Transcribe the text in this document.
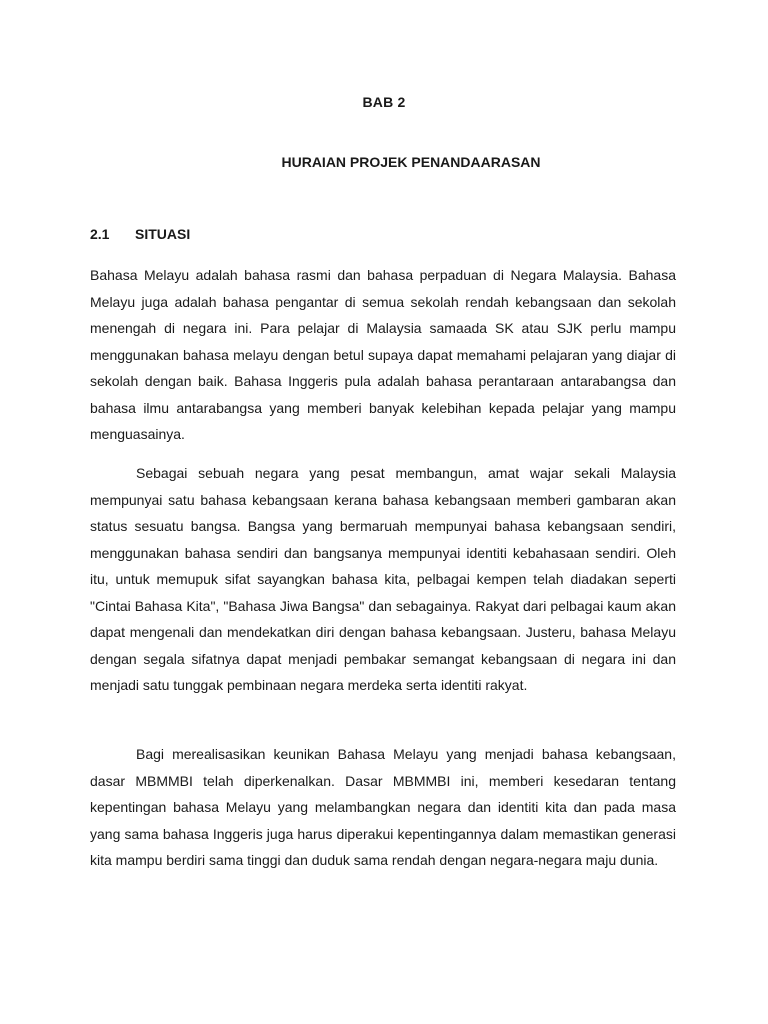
BAB 2
HURAIAN PROJEK PENANDAARASAN
2.1 SITUASI

Bahasa Melayu adalah bahasa rasmi dan bahasa perpaduan di Negara Malaysia. Bahasa Melayu juga adalah bahasa pengantar di semua sekolah rendah kebangsaan dan sekolah menengah di negara ini. Para pelajar di Malaysia samaada SK atau SJK perlu mampu menggunakan bahasa melayu dengan betul supaya dapat memahami pelajaran yang diajar di sekolah dengan baik. Bahasa Inggeris pula adalah bahasa perantaraan antarabangsa dan bahasa ilmu antarabangsa yang memberi banyak kelebihan kepada pelajar yang mampu menguasainya.

Sebagai sebuah negara yang pesat membangun, amat wajar sekali Malaysia mempunyai satu bahasa kebangsaan kerana bahasa kebangsaan memberi gambaran akan status sesuatu bangsa. Bangsa yang bermaruah mempunyai bahasa kebangsaan sendiri, menggunakan bahasa sendiri dan bangsanya mempunyai identiti kebahasaan sendiri. Oleh itu, untuk memupuk sifat sayangkan bahasa kita, pelbagai kempen telah diadakan seperti "Cintai Bahasa Kita", "Bahasa Jiwa Bangsa" dan sebagainya. Rakyat dari pelbagai kaum akan dapat mengenali dan mendekatkan diri dengan bahasa kebangsaan. Justeru, bahasa Melayu dengan segala sifatnya dapat menjadi pembakar semangat kebangsaan di negara ini dan menjadi satu tunggak pembinaan negara merdeka serta identiti rakyat.

Bagi merealisasikan keunikan Bahasa Melayu yang menjadi bahasa kebangsaan, dasar MBMMBI telah diperkenalkan. Dasar MBMMBI ini, memberi kesedaran tentang kepentingan bahasa Melayu yang melambangkan negara dan identiti kita dan pada masa yang sama bahasa Inggeris juga harus diperakui kepentingannya dalam memastikan generasi kita mampu berdiri sama tinggi dan duduk sama rendah dengan negara-negara maju dunia.
